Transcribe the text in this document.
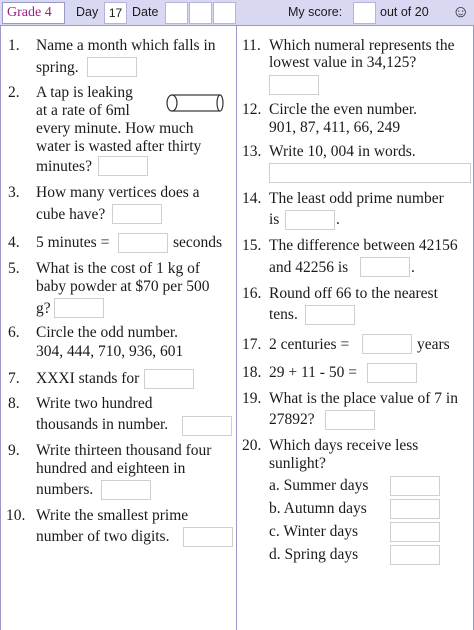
Grade 4	Day 17 Date	My score:	out of 20 ☺
1. Name a month which falls in
spring.
2. A tap is leaking
at a rate of 6ml
every minute. How much
water is wasted after thirty
minutes?
3. How many vertices does a
cube have?
4. 5 minutes =	seconds
5. What is the cost of 1 kg of
baby powder at $70 per 500
g?
6. Circle the odd number.
304, 444, 710, 936, 601
7. XXXI stands for
8. Write two hundred
thousands in number.
9. Write thirteen thousand four
hundred and eighteen in
numbers.
10. Write the smallest prime
number of two digits.
11. Which numeral represents the
lowest value in 34,125?
12. Circle the even number.
901, 87, 411, 66, 249
13. Write 10, 004 in words.
14. The least odd prime number
is	.
15. The difference between 42156
and 42256 is	.
16. Round off 66 to the nearest
tens.
17. 2 centuries =	years
18. 29 + 11 - 50 =
19. What is the place value of 7 in
27892?
20. Which days receive less
sunlight?
a. Summer days
b. Autumn days
c. Winter days
d. Spring days
